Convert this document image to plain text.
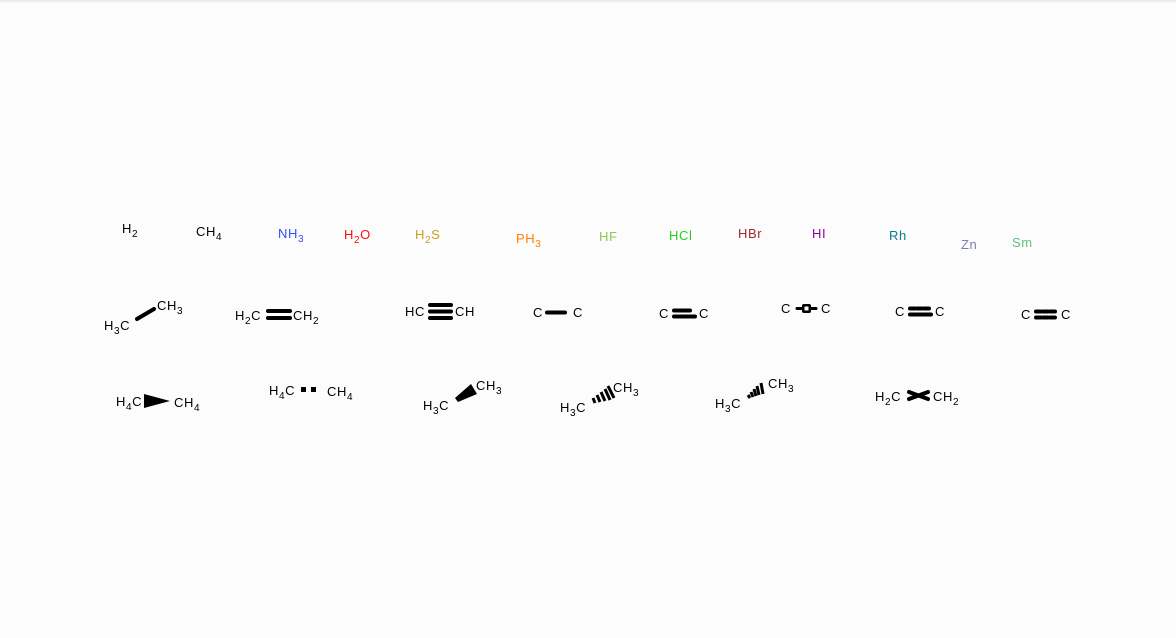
$H_2$	$CH_4$	$NH_3$	$H_2O$	$H_2S$	$PH_3$
HF	HCl	HBr	HI	Rh
Zn	Sm
$H_3C$
$CH_3$	$H_2C$ $CH_2$
HC CH	C C	C C	C C	C C	C C
$H_4C$ $CH_4$
$H_4C$ $CH_4$
$H_3C$
$CH_3$
$H_3C$
$CH_3$
$H_3C$
$CH_3$	$H_2C$ $CH_2$
